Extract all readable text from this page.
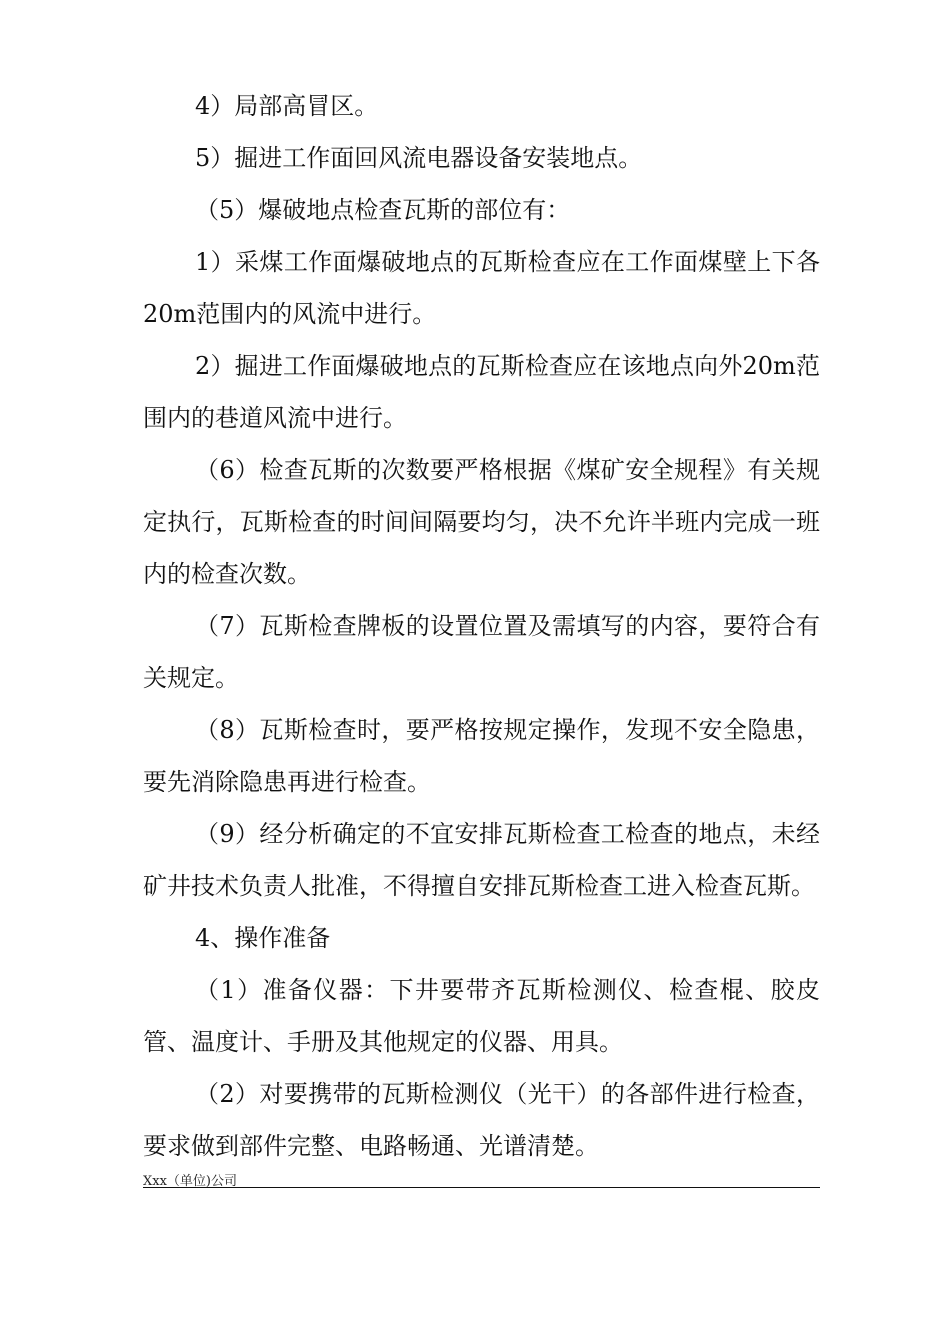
4）局部高冒区。

5）掘进工作面回风流电器设备安装地点。

（5）爆破地点检查瓦斯的部位有：

1）采煤工作面爆破地点的瓦斯检查应在工作面煤壁上下各20m范围内的风流中进行。

2）掘进工作面爆破地点的瓦斯检查应在该地点向外20m范围内的巷道风流中进行。

（6）检查瓦斯的次数要严格根据《煤矿安全规程》有关规定执行，瓦斯检查的时间间隔要均匀，决不允许半班内完成一班内的检查次数。

（7）瓦斯检查牌板的设置位置及需填写的内容，要符合有关规定。

（8）瓦斯检查时，要严格按规定操作，发现不安全隐患，要先消除隐患再进行检查。

（9）经分析确定的不宜安排瓦斯检查工检查的地点，未经矿井技术负责人批准，不得擅自安排瓦斯检查工进入检查瓦斯。

4、操作准备

（1）准备仪器：下井要带齐瓦斯检测仪、检查棍、胶皮管、温度计、手册及其他规定的仪器、用具。

（2）对要携带的瓦斯检测仪（光干）的各部件进行检查，要求做到部件完整、电路畅通、光谱清楚。

Xxx（单位)公司
